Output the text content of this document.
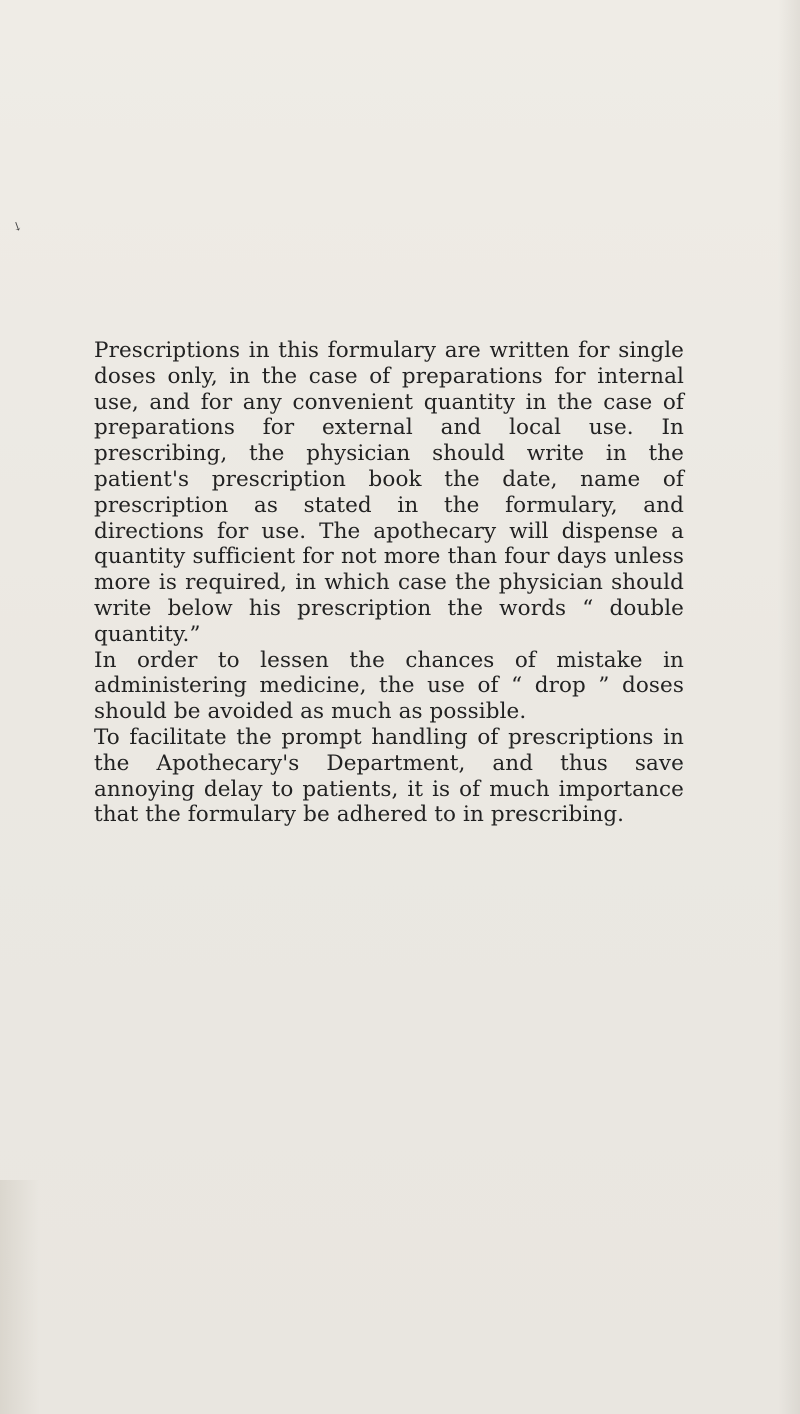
↘

Prescriptions in this formulary are written for single doses only, in the case of preparations for internal use, and for any convenient quantity in the case of preparations for external and local use. In prescribing, the physician should write in the patient's prescription book the date, name of prescription as stated in the formulary, and directions for use. The apothecary will dispense a quantity sufficient for not more than four days unless more is required, in which case the physician should write below his prescription the words “ double quantity.”

In order to lessen the chances of mistake in administering medicine, the use of “ drop ” doses should be avoided as much as possible.

To facilitate the prompt handling of prescriptions in the Apothecary's Department, and thus save annoying delay to patients, it is of much importance that the formulary be adhered to in prescribing.
